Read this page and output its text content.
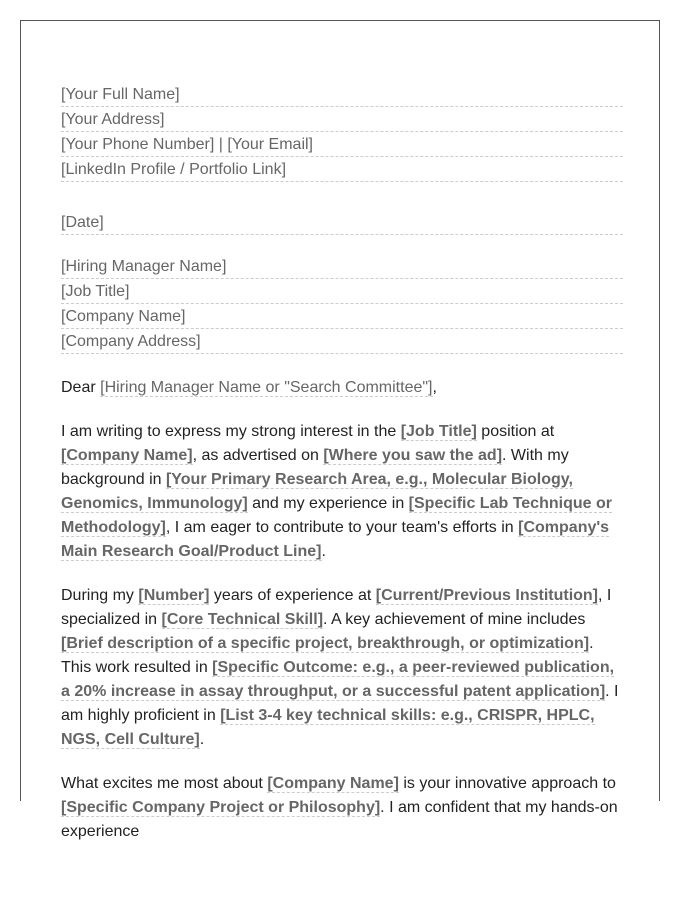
[Your Full Name]
[Your Address]
[Your Phone Number] | [Your Email]
[LinkedIn Profile / Portfolio Link]
[Date]
[Hiring Manager Name]
[Job Title]
[Company Name]
[Company Address]
Dear [Hiring Manager Name or "Search Committee"],

I am writing to express my strong interest in the [Job Title] position at [Company Name], as advertised on [Where you saw the ad]. With my background in [Your Primary Research Area, e.g., Molecular Biology, Genomics, Immunology] and my experience in [Specific Lab Technique or Methodology], I am eager to contribute to your team's efforts in [Company's Main Research Goal/Product Line].

During my [Number] years of experience at [Current/Previous Institution], I specialized in [Core Technical Skill]. A key achievement of mine includes [Brief description of a specific project, breakthrough, or optimization]. This work resulted in [Specific Outcome: e.g., a peer-reviewed publication, a 20% increase in assay throughput, or a successful patent application]. I am highly proficient in [List 3-4 key technical skills: e.g., CRISPR, HPLC, NGS, Cell Culture].

What excites me most about [Company Name] is your innovative approach to [Specific Company Project or Philosophy]. I am confident that my hands-on experience
